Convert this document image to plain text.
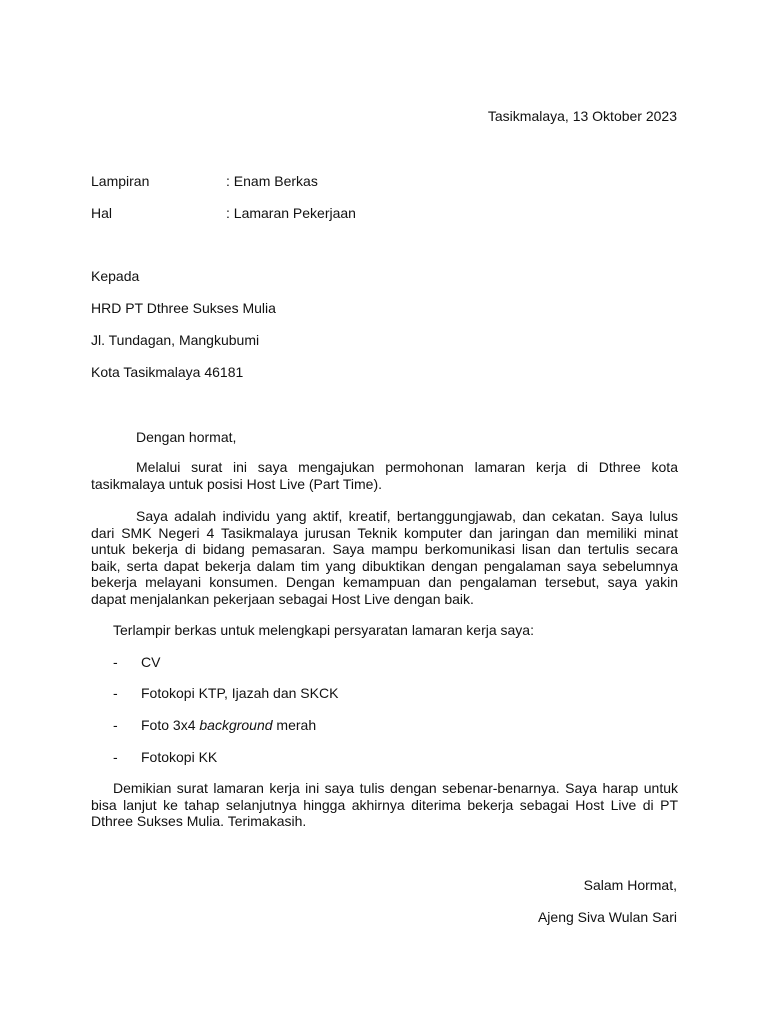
Tasikmalaya, 13 Oktober 2023
Lampiran	: Enam Berkas
Hal	: Lamaran Pekerjaan
Kepada
HRD PT Dthree Sukses Mulia
Jl. Tundagan, Mangkubumi
Kota Tasikmalaya 46181
Dengan hormat,

Melalui surat ini saya mengajukan permohonan lamaran kerja di Dthree kota tasikmalaya untuk posisi Host Live (Part Time).

Saya adalah individu yang aktif, kreatif, bertanggungjawab, dan cekatan. Saya lulus dari SMK Negeri 4 Tasikmalaya jurusan Teknik komputer dan jaringan dan memiliki minat untuk bekerja di bidang pemasaran. Saya mampu berkomunikasi lisan dan tertulis secara baik, serta dapat bekerja dalam tim yang dibuktikan dengan pengalaman saya sebelumnya bekerja melayani konsumen. Dengan kemampuan dan pengalaman tersebut, saya yakin dapat menjalankan pekerjaan sebagai Host Live dengan baik.

Terlampir berkas untuk melengkapi persyaratan lamaran kerja saya:
- CV
- Fotokopi KTP, Ijazah dan SKCK
- Foto 3x4 background merah
- Fotokopi KK

Demikian surat lamaran kerja ini saya tulis dengan sebenar-benarnya. Saya harap untuk bisa lanjut ke tahap selanjutnya hingga akhirnya diterima bekerja sebagai Host Live di PT Dthree Sukses Mulia. Terimakasih.

Salam Hormat,
Ajeng Siva Wulan Sari
